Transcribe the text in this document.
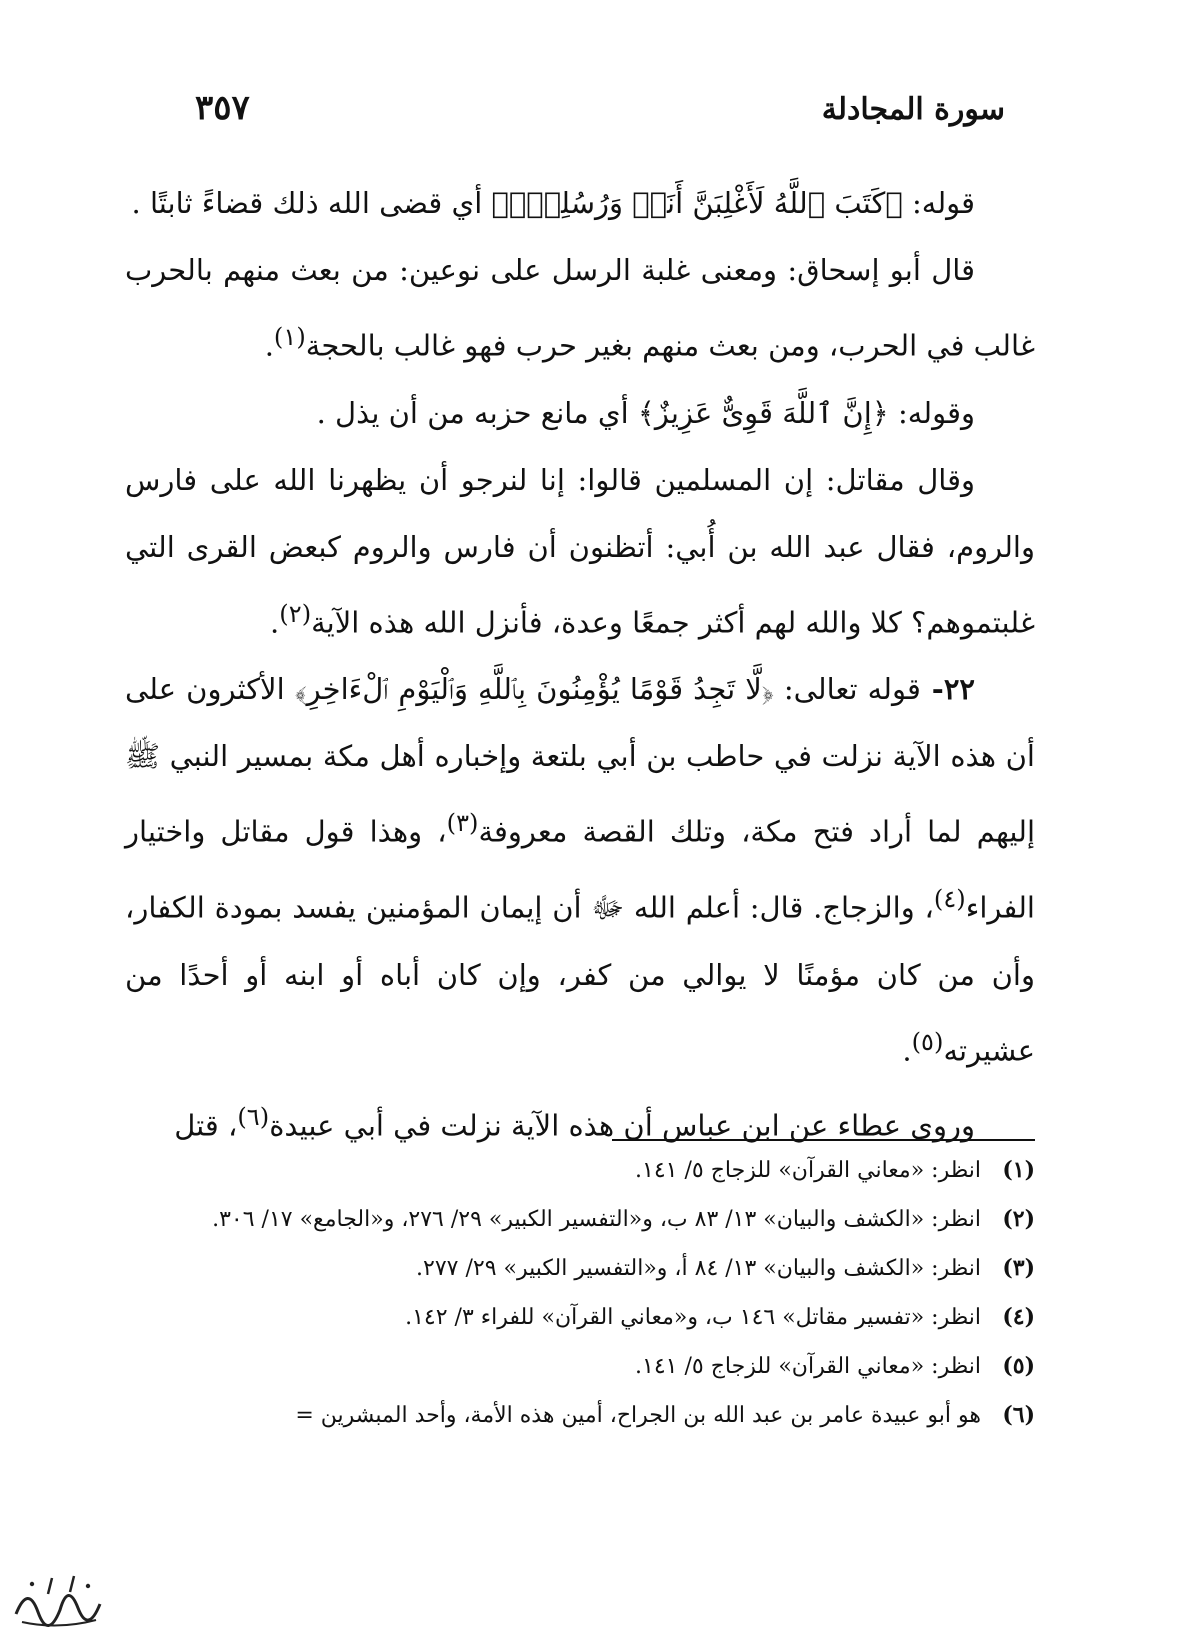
سورة المجادلة
٣٥٧

قوله: ﴿كَتَبَ ٱللَّهُ لَأَغْلِبَنَّ أَنَا۠ وَرُسُلِىٓۚ﴾ أي قضى الله ذلك قضاءً ثابتًا .

قال أبو إسحاق: ومعنى غلبة الرسل على نوعين: من بعث منهم بالحرب غالب في الحرب، ومن بعث منهم بغير حرب فهو غالب بالحجة$^{(١)}$.

وقوله: ﴿إِنَّ ٱللَّهَ قَوِىٌّ عَزِيزٌ﴾ أي مانع حزبه من أن يذل .

وقال مقاتل: إن المسلمين قالوا: إنا لنرجو أن يظهرنا الله على فارس والروم، فقال عبد الله بن أُبي: أتظنون أن فارس والروم كبعض القرى التي غلبتموهم؟ كلا والله لهم أكثر جمعًا وعدة، فأنزل الله هذه الآية$^{(٢)}$.

٢٢- قوله تعالى: ﴿لَّا تَجِدُ قَوْمًا يُؤْمِنُونَ بِٱللَّهِ وَٱلْيَوْمِ ٱلْءَاخِرِ﴾ الأكثرون على أن هذه الآية نزلت في حاطب بن أبي بلتعة وإخباره أهل مكة بمسير النبي ﷺ إليهم لما أراد فتح مكة، وتلك القصة معروفة$^{(٣)}$، وهذا قول مقاتل واختيار الفراء$^{(٤)}$، والزجاج. قال: أعلم الله ﷻ أن إيمان المؤمنين يفسد بمودة الكفار، وأن من كان مؤمنًا لا يوالي من كفر، وإن كان أباه أو ابنه أو أحدًا من عشيرته$^{(٥)}$.

وروى عطاء عن ابن عباس أن هذه الآية نزلت في أبي عبيدة$^{(٦)}$، قتل

(١)
انظر: «معاني القرآن» للزجاج ٥/ ١٤١.
(٢)
انظر: «الكشف والبيان» ١٣/ ٨٣ ب، و«التفسير الكبير» ٢٩/ ٢٧٦، و«الجامع» ١٧/ ٣٠٦.
(٣)
انظر: «الكشف والبيان» ١٣/ ٨٤ أ، و«التفسير الكبير» ٢٩/ ٢٧٧.
(٤)
انظر: «تفسير مقاتل» ١٤٦ ب، و«معاني القرآن» للفراء ٣/ ١٤٢.
(٥)
انظر: «معاني القرآن» للزجاج ٥/ ١٤١.
(٦)
هو أبو عبيدة عامر بن عبد الله بن الجراح، أمين هذه الأمة، وأحد المبشرين =
